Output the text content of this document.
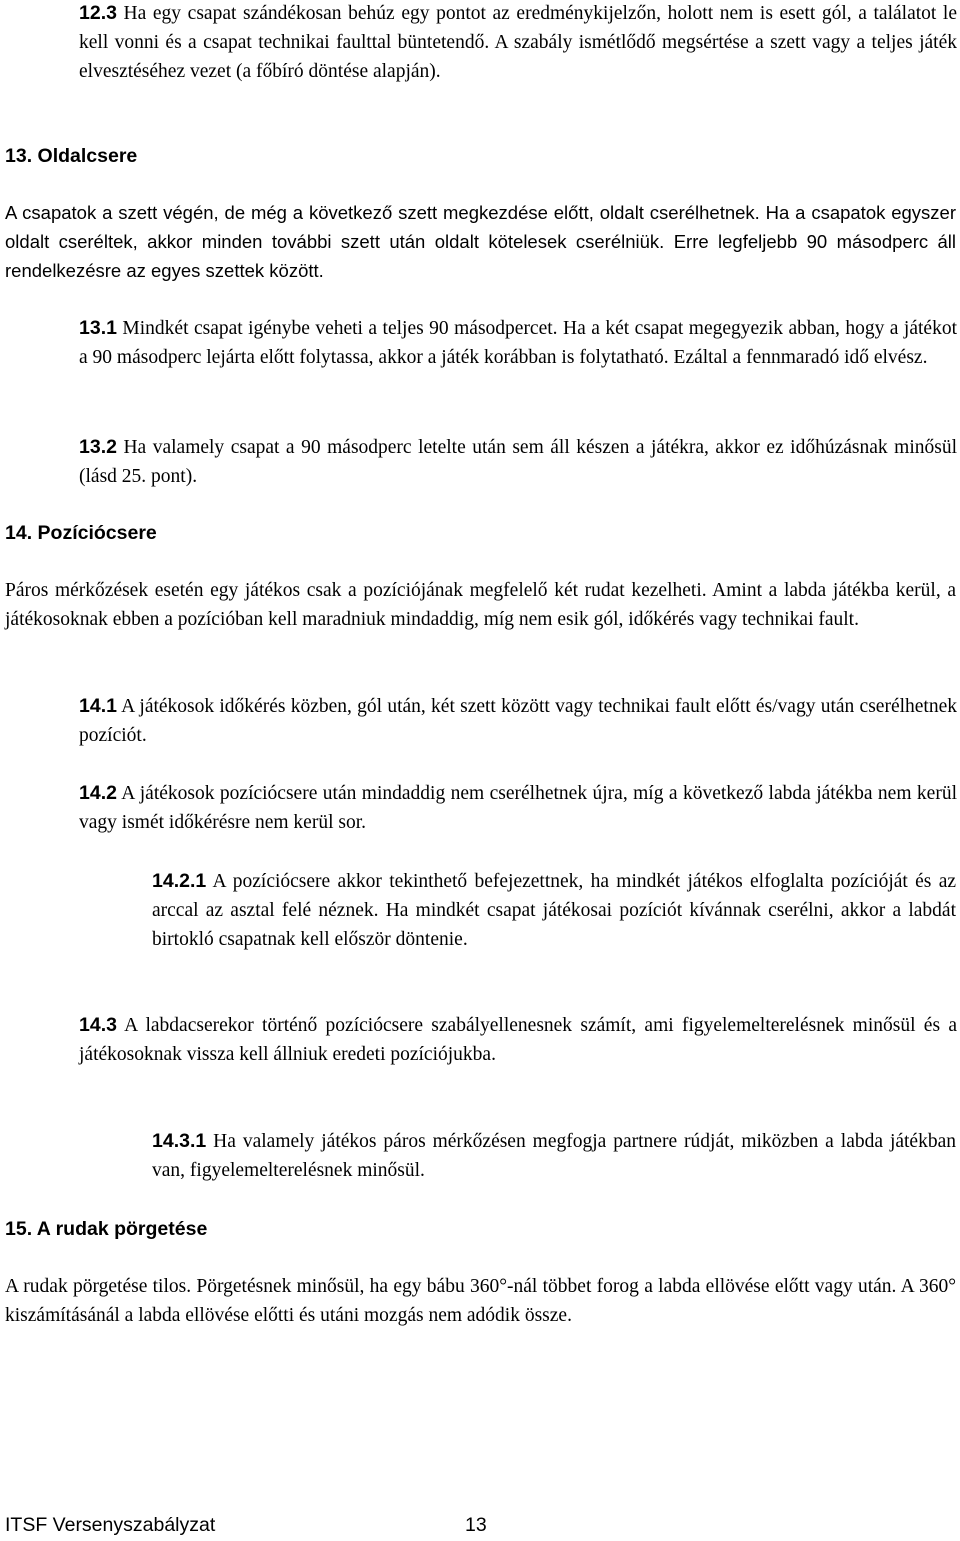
12.3 Ha egy csapat szándékosan behúz egy pontot az eredménykijelzőn, holott nem is esett gól, a találatot le kell vonni és a csapat technikai faulttal büntetendő. A szabály ismétlődő megsértése a szett vagy a teljes játék elvesztéséhez vezet (a főbíró döntése alapján).

13. Oldalcsere

A csapatok a szett végén, de még a következő szett megkezdése előtt, oldalt cserélhetnek. Ha a csapatok egyszer oldalt cseréltek, akkor minden további szett után oldalt kötelesek cserélniük. Erre legfeljebb 90 másodperc áll rendelkezésre az egyes szettek között.

13.1 Mindkét csapat igénybe veheti a teljes 90 másodpercet. Ha a két csapat megegyezik abban, hogy a játékot a 90 másodperc lejárta előtt folytassa, akkor a játék korábban is folytatható. Ezáltal a fennmaradó idő elvész.

13.2 Ha valamely csapat a 90 másodperc letelte után sem áll készen a játékra, akkor ez időhúzásnak minősül (lásd 25. pont).

14. Pozíciócsere

Páros mérkőzések esetén egy játékos csak a pozíciójának megfelelő két rudat kezelheti. Amint a labda játékba kerül, a játékosoknak ebben a pozícióban kell maradniuk mindaddig, míg nem esik gól, időkérés vagy technikai fault.

14.1 A játékosok időkérés közben, gól után, két szett között vagy technikai fault előtt és/vagy után cserélhetnek pozíciót.

14.2 A játékosok pozíciócsere után mindaddig nem cserélhetnek újra, míg a következő labda játékba nem kerül vagy ismét időkérésre nem kerül sor.

14.2.1 A pozíciócsere akkor tekinthető befejezettnek, ha mindkét játékos elfoglalta pozícióját és az arccal az asztal felé néznek. Ha mindkét csapat játékosai pozíciót kívánnak cserélni, akkor a labdát birtokló csapatnak kell először döntenie.

14.3 A labdacserekor történő pozíciócsere szabályellenesnek számít, ami figyelemelterelésnek minősül és a játékosoknak vissza kell állniuk eredeti pozíciójukba.

14.3.1 Ha valamely játékos páros mérkőzésen megfogja partnere rúdját, miközben a labda játékban van, figyelemelterelésnek minősül.

15. A rudak pörgetése

A rudak pörgetése tilos. Pörgetésnek minősül, ha egy bábu 360°-nál többet forog a labda ellövése előtt vagy után. A 360° kiszámításánál a labda ellövése előtti és utáni mozgás nem adódik össze.

ITSF Versenyszabályzat	13
